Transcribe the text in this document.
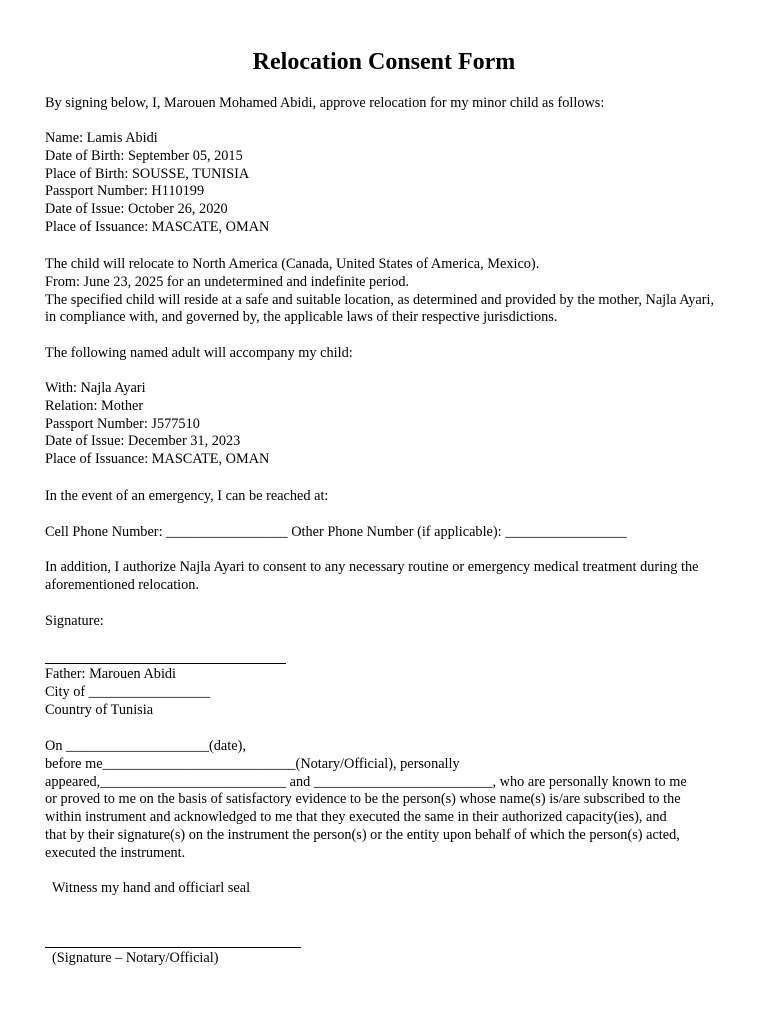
Relocation Consent Form
By signing below, I, Marouen Mohamed Abidi, approve relocation for my minor child as follows:
Name: Lamis Abidi
Date of Birth: September 05, 2015
Place of Birth: SOUSSE, TUNISIA
Passport Number: H110199
Date of Issue: October 26, 2020
Place of Issuance: MASCATE, OMAN
The child will relocate to North America (Canada, United States of America, Mexico).
From: June 23, 2025 for an undetermined and indefinite period.
The specified child will reside at a safe and suitable location, as determined and provided by the mother, Najla Ayari, in compliance with, and governed by, the applicable laws of their respective jurisdictions.
The following named adult will accompany my child:
With: Najla Ayari
Relation: Mother
Passport Number: J577510
Date of Issue: December 31, 2023
Place of Issuance: MASCATE, OMAN
In the event of an emergency, I can be reached at:
Cell Phone Number: _________________ Other Phone Number (if applicable): _________________
In addition, I authorize Najla Ayari to consent to any necessary routine or emergency medical treatment during the aforementioned relocation.
Signature:
Father: Marouen Abidi
City of _________________
Country of Tunisia
On ____________________(date),
before me___________________________(Notary/Official), personally
appeared,__________________________ and _________________________, who are personally known to me
or proved to me on the basis of satisfactory evidence to be the person(s) whose name(s) is/are subscribed to the
within instrument and acknowledged to me that they executed the same in their authorized capacity(ies), and
that by their signature(s) on the instrument the person(s) or the entity upon behalf of which the person(s) acted,
executed the instrument.
Witness my hand and officiarl seal
(Signature – Notary/Official)
